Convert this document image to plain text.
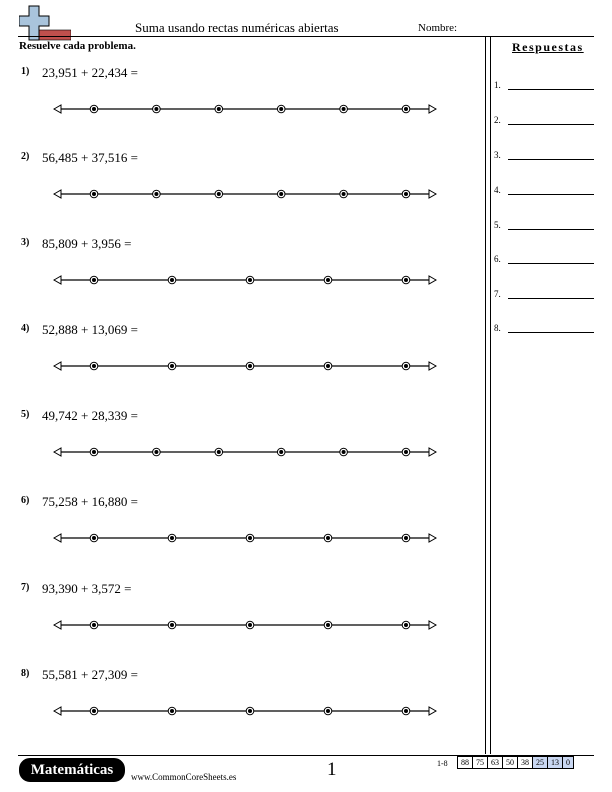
Suma usando rectas numéricas abiertas	Nombre:
Resuelve cada problema.
1) 23,951 + 22,434 =
2) 56,485 + 37,516 =
3) 85,809 + 3,956 =
4) 52,888 + 13,069 =
5) 49,742 + 28,339 =
6) 75,258 + 16,880 =
7) 93,390 + 3,572 =
8) 55,581 + 27,309 =
Respuestas
1.
2.
3.
4.
5.
6.
7.
8.
Matemáticas	www.CommonCoreSheets.es	1	1-8 88	75	63	50	38	25	13	0
